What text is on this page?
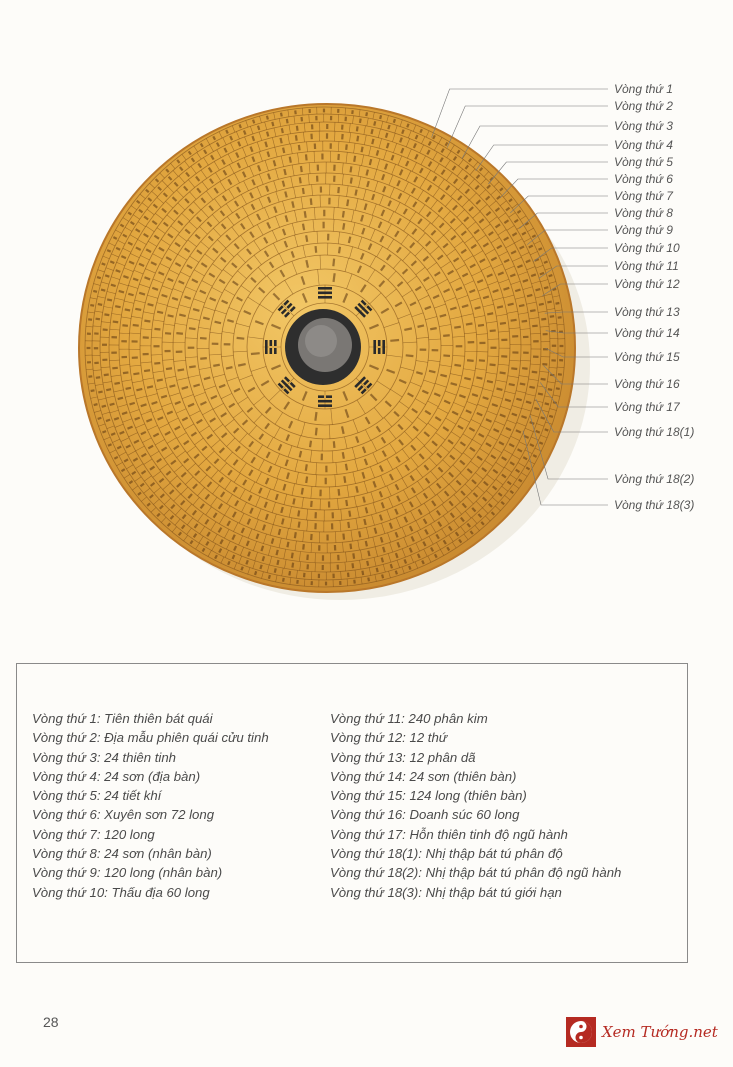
Vòng thứ 1
Vòng thứ 2
Vòng thứ 3
Vòng thứ 4
Vòng thứ 5
Vòng thứ 6
Vòng thứ 7
Vòng thứ 8
Vòng thứ 9
Vòng thứ 10
Vòng thứ 11
Vòng thứ 12
Vòng thứ 13
Vòng thứ 14
Vòng thứ 15
Vòng thứ 16
Vòng thứ 17
Vòng thứ 18(1)
Vòng thứ 18(2)
Vòng thứ 18(3)
Vòng thứ 1: Tiên thiên bát quái
Vòng thứ 2: Địa mẫu phiên quái cửu tinh
Vòng thứ 3: 24 thiên tinh
Vòng thứ 4: 24 sơn (địa bàn)
Vòng thứ 5: 24 tiết khí
Vòng thứ 6: Xuyên sơn 72 long
Vòng thứ 7: 120 long
Vòng thứ 8: 24 sơn (nhân bàn)
Vòng thứ 9: 120 long (nhân bàn)
Vòng thứ 10: Thấu địa 60 long
Vòng thứ 11: 240 phân kim
Vòng thứ 12: 12 thứ
Vòng thứ 13: 12 phân dã
Vòng thứ 14: 24 sơn (thiên bàn)
Vòng thứ 15: 124 long (thiên bàn)
Vòng thứ 16: Doanh súc 60 long
Vòng thứ 17: Hỗn thiên tinh độ ngũ hành
Vòng thứ 18(1): Nhị thập bát tú phân độ
Vòng thứ 18(2): Nhị thập bát tú phân độ ngũ hành
Vòng thứ 18(3): Nhị thập bát tú giới hạn
28
Xem Tướng.net
